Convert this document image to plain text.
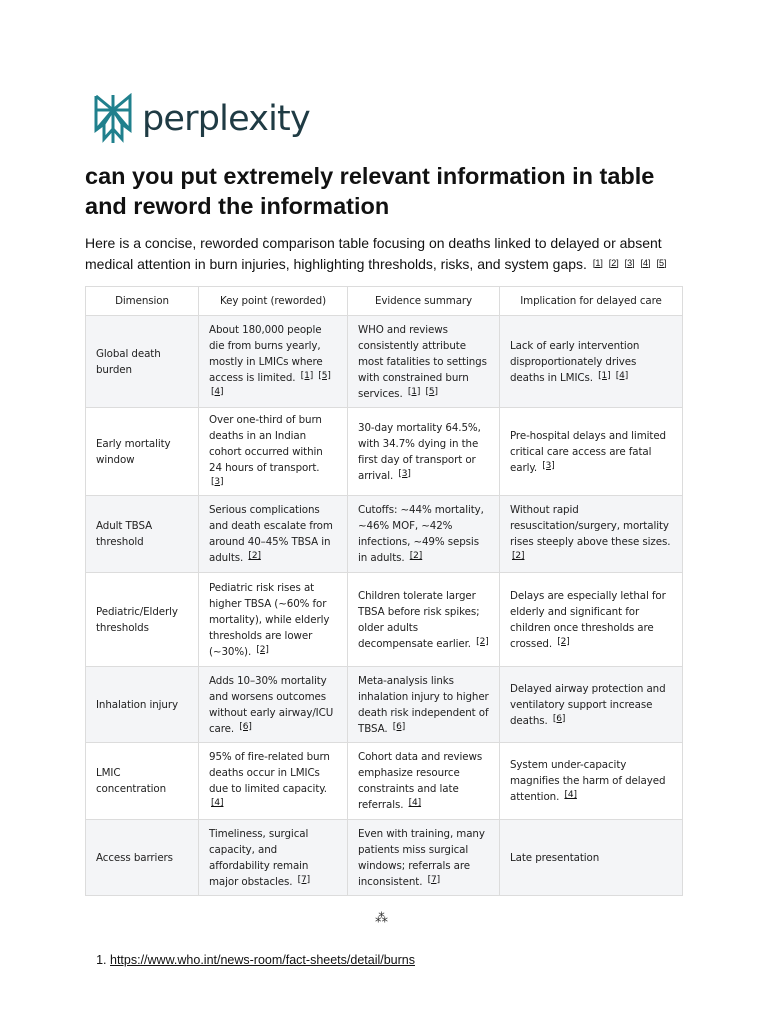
perplexity
can you put extremely relevant information in table and reword the information

Here is a concise, reworded comparison table focusing on deaths linked to delayed or absent medical attention in burn injuries, highlighting thresholds, risks, and system gaps. [1] [2] [3] [4] [5]

Dimension	Key point (reworded)	Evidence summary	Implication for delayed care
Global death burden	About 180,000 people die from burns yearly, mostly in LMICs where access is limited. [1] [5] [4]	WHO and reviews consistently attribute most fatalities to settings with constrained burn services. [1] [5]	Lack of early intervention disproportionately drives deaths in LMICs. [1] [4]
Early mortality window	Over one-third of burn deaths in an Indian cohort occurred within 24 hours of transport. [3]	30-day mortality 64.5%, with 34.7% dying in the first day of transport or arrival. [3]	Pre-hospital delays and limited critical care access are fatal early. [3]
Adult TBSA threshold	Serious complications and death escalate from around 40–45% TBSA in adults. [2]	Cutoffs: ~44% mortality, ~46% MOF, ~42% infections, ~49% sepsis in adults. [2]	Without rapid resuscitation/surgery, mortality rises steeply above these sizes. [2]
Pediatric/Elderly thresholds	Pediatric risk rises at higher TBSA (~60% for mortality), while elderly thresholds are lower (~30%). [2]	Children tolerate larger TBSA before risk spikes; older adults decompensate earlier. [2]	Delays are especially lethal for elderly and significant for children once thresholds are crossed. [2]
Inhalation injury	Adds 10–30% mortality and worsens outcomes without early airway/ICU care. [6]	Meta-analysis links inhalation injury to higher death risk independent of TBSA. [6]	Delayed airway protection and ventilatory support increase deaths. [6]
LMIC concentration	95% of fire-related burn deaths occur in LMICs due to limited capacity. [4]	Cohort data and reviews emphasize resource constraints and late referrals. [4]	System under-capacity magnifies the harm of delayed attention. [4]
Access barriers	Timeliness, surgical capacity, and affordability remain major obstacles. [7]	Even with training, many patients miss surgical windows; referrals are inconsistent. [7]	Late presentation
⁂
1. https://www.who.int/news-room/fact-sheets/detail/burns
